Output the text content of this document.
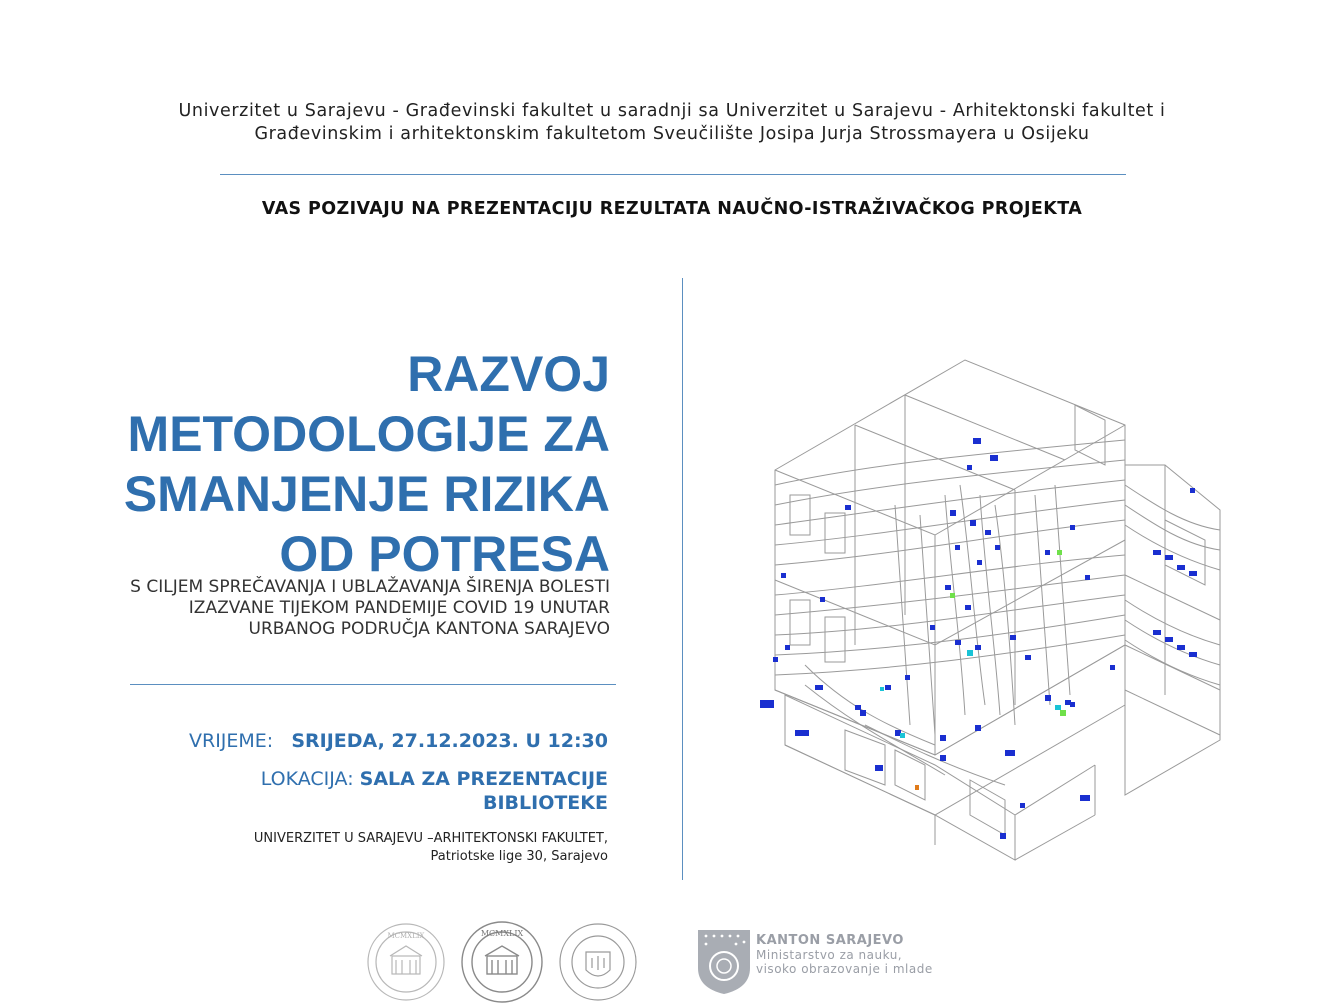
Univerzitet u Sarajevu - Građevinski fakultet u saradnji sa Univerzitet u Sarajevu - Arhitektonski fakultet i
Građevinskim i arhitektonskim fakultetom Sveučilište Josipa Jurja Strossmayera u Osijeku
VAS POZIVAJU NA PREZENTACIJU REZULTATA NAUČNO-ISTRAŽIVAČKOG PROJEKTA
RAZVOJ
METODOLOGIJE ZA
SMANJENJE RIZIKA
OD POTRESA
S CILJEM SPREČAVANJA I UBLAŽAVANJA ŠIRENJA BOLESTI
IZAZVANE TIJEKOM PANDEMIJE COVID 19 UNUTAR
URBANOG PODRUČJA KANTONA SARAJEVO
VRIJEME: SRIJEDA, 27.12.2023. U 12:30
LOKACIJA: SALA ZA PREZENTACIJE
BIBLIOTEKE
UNIVERZITET U SARAJEVU –ARHITEKTONSKI FAKULTET,
Patriotske lige 30, Sarajevo
MCMXLIX	MCMXLIX	KANTON SARAJEVO
Ministarstvo za nauku,
visoko obrazovanje i mlade
